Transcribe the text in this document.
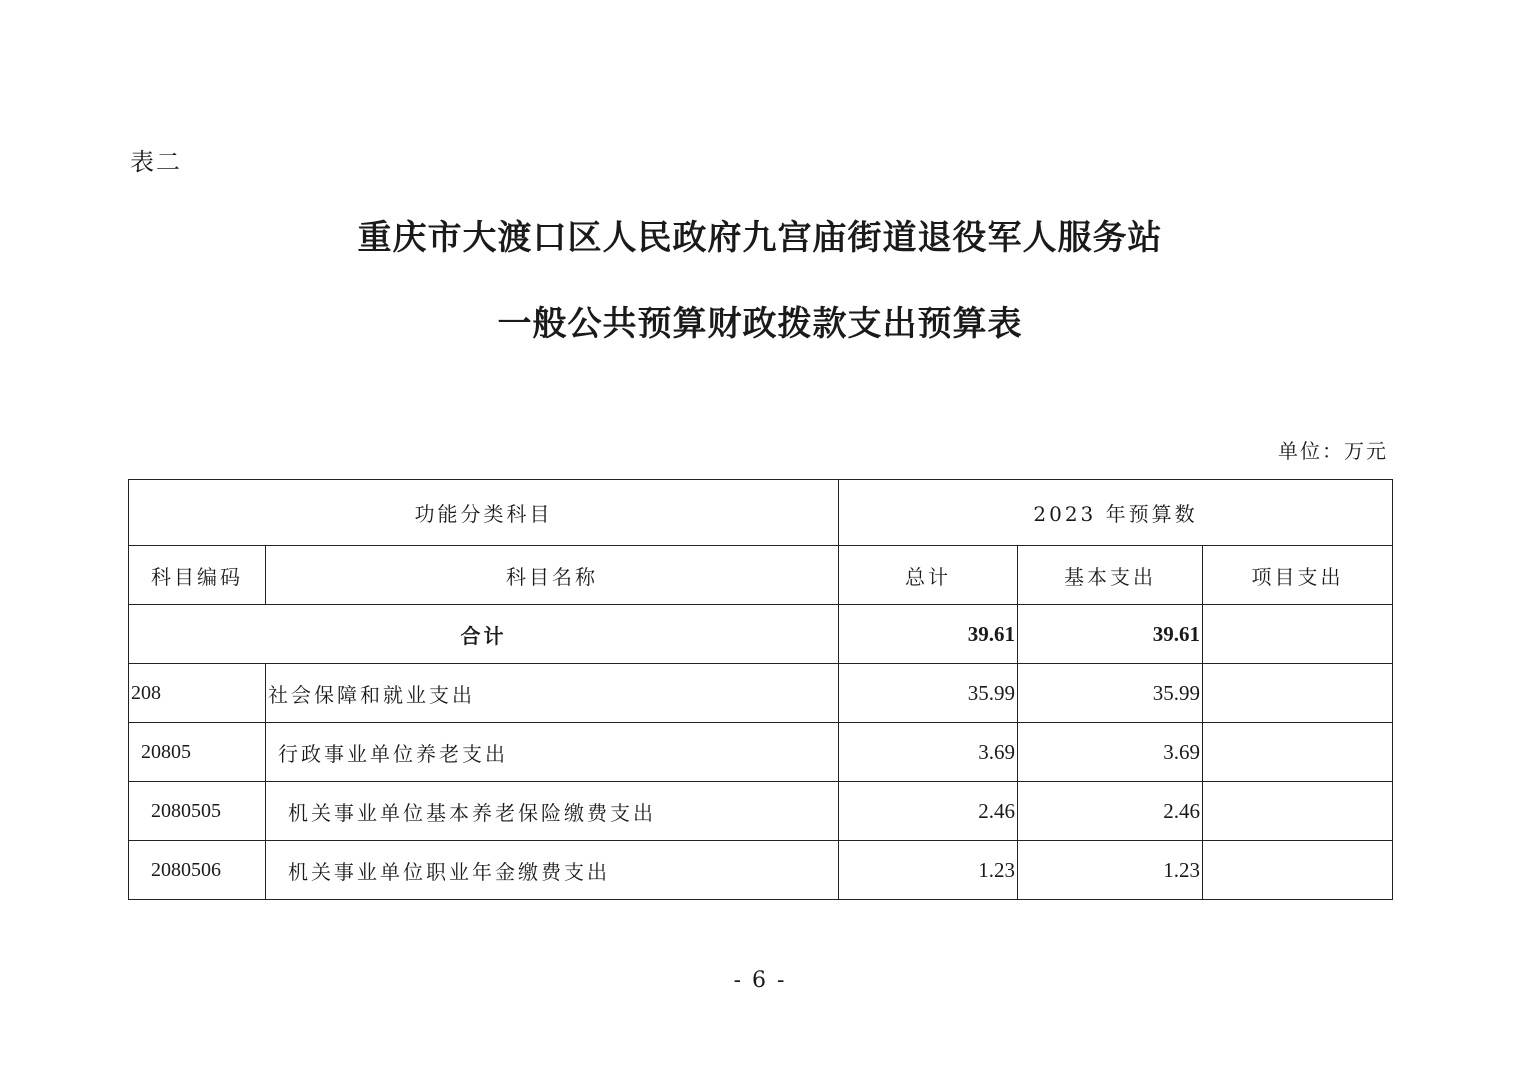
表二
重庆市大渡口区人民政府九宫庙街道退役军人服务站
一般公共预算财政拨款支出预算表
单位：万元
功能分类科目		2023 年预算数		
科目编码	科目名称	总计	基本支出	项目支出
合计		39.61	39.61	
208	社会保障和就业支出	35.99	35.99	
20805	行政事业单位养老支出	3.69	3.69	
2080505	机关事业单位基本养老保险缴费支出	2.46	2.46	
2080506	机关事业单位职业年金缴费支出	1.23	1.23	
- 6 -
